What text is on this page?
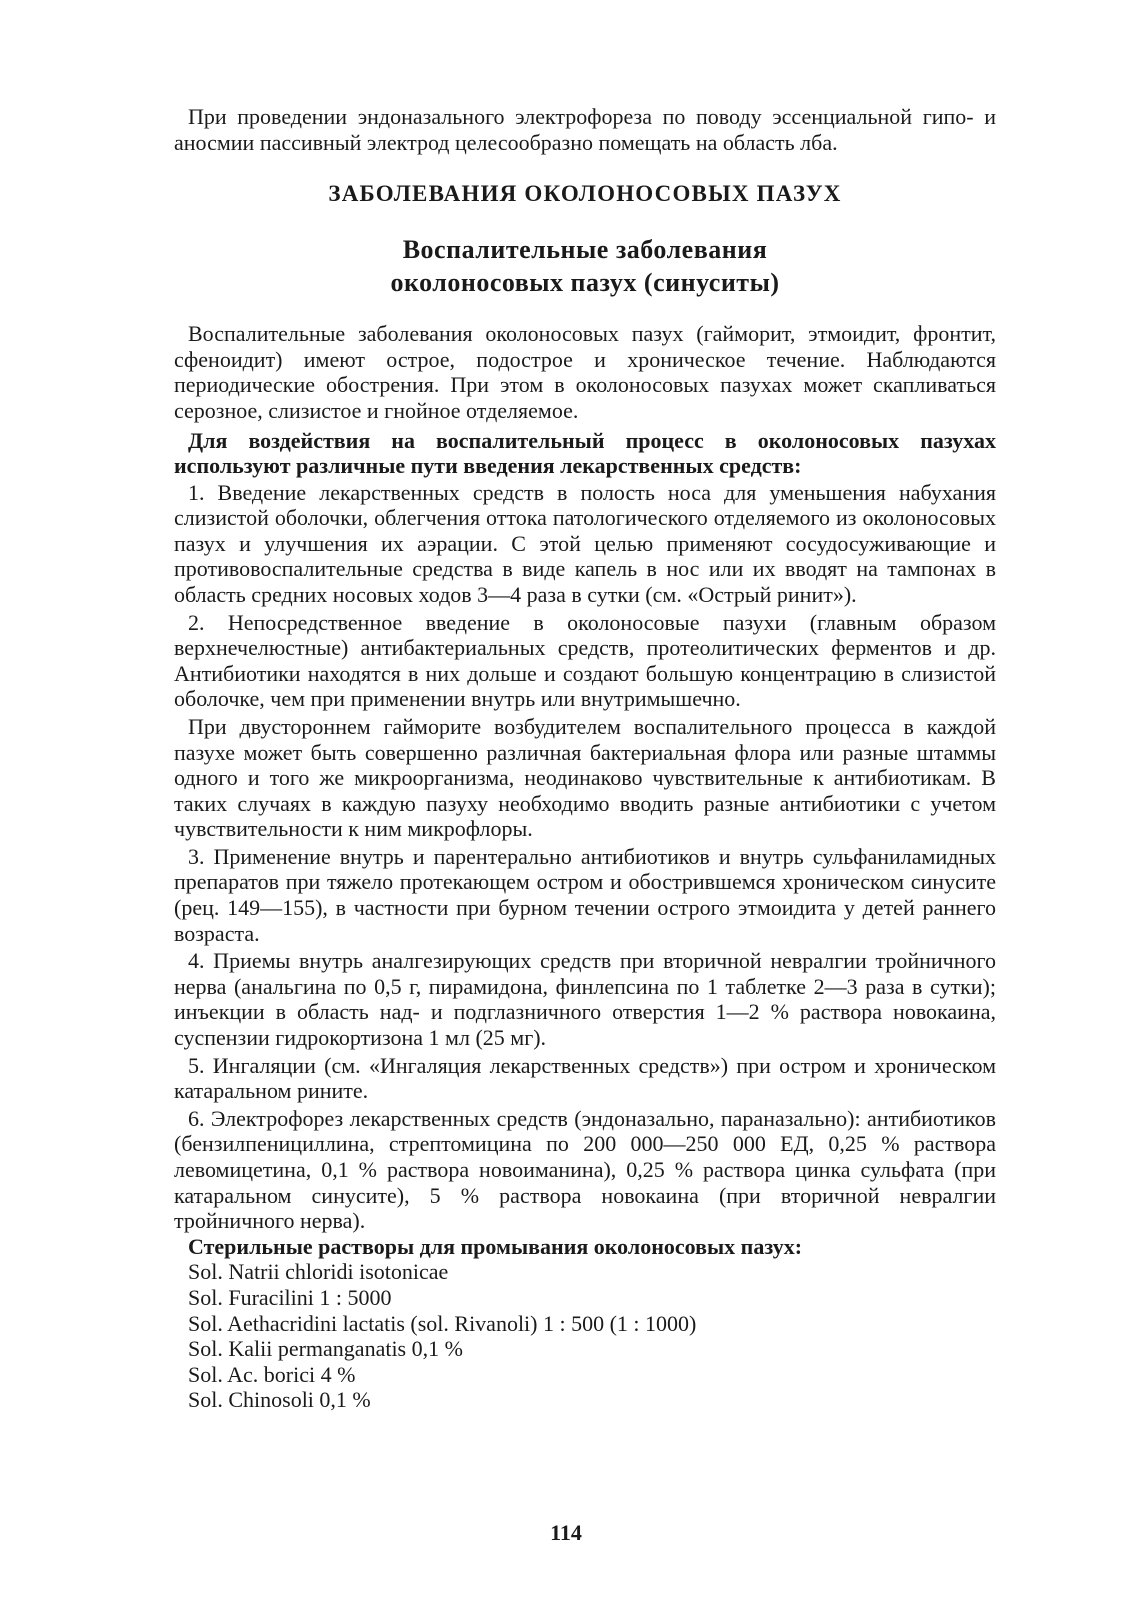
При проведении эндоназального электрофореза по поводу эссенциальной гипо- и аносмии пассивный электрод целесообразно помещать на область лба.

ЗАБОЛЕВАНИЯ ОКОЛОНОСОВЫХ ПАЗУХ
Воспалительные заболевания
околоносовых пазух (синуситы)

Воспалительные заболевания околоносовых пазух (гайморит, этмоидит, фронтит, сфеноидит) имеют острое, подострое и хроническое течение. Наблюдаются периодические обострения. При этом в околоносовых пазухах может скапливаться серозное, слизистое и гнойное отделяемое.

Для воздействия на воспалительный процесс в околоносовых пазухах используют различные пути введения лекарственных средств:

1. Введение лекарственных средств в полость носа для уменьшения набухания слизистой оболочки, облегчения оттока патологического отделяемого из околоносовых пазух и улучшения их аэрации. С этой целью применяют сосудосуживающие и противовоспалительные средства в виде капель в нос или их вводят на тампонах в область средних носовых ходов 3—4 раза в сутки (см. «Острый ринит»).

2. Непосредственное введение в околоносовые пазухи (главным образом верхнечелюстные) антибактериальных средств, протеолитических ферментов и др. Антибиотики находятся в них дольше и создают большую концентрацию в слизистой оболочке, чем при применении внутрь или внутримышечно.

При двустороннем гайморите возбудителем воспалительного процесса в каждой пазухе может быть совершенно различная бактериальная флора или разные штаммы одного и того же микроорганизма, неодинаково чувствительные к антибиотикам. В таких случаях в каждую пазуху необходимо вводить разные антибиотики с учетом чувствительности к ним микрофлоры.

3. Применение внутрь и парентерально антибиотиков и внутрь сульфаниламидных препаратов при тяжело протекающем остром и обострившемся хроническом синусите (рец. 149—155), в частности при бурном течении острого этмоидита у детей раннего возраста.

4. Приемы внутрь аналгезирующих средств при вторичной невралгии тройничного нерва (анальгина по 0,5 г, пирамидона, финлепсина по 1 таблетке 2—3 раза в сутки); инъекции в область над- и подглазничного отверстия 1—2 % раствора новокаина, суспензии гидрокортизона 1 мл (25 мг).

5. Ингаляции (см. «Ингаляция лекарственных средств») при остром и хроническом катаральном рините.

6. Электрофорез лекарственных средств (эндоназально, параназально): антибиотиков (бензилпенициллина, стрептомицина по 200 000—250 000 ЕД, 0,25 % раствора левомицетина, 0,1 % раствора новоиманина), 0,25 % раствора цинка сульфата (при катаральном синусите), 5 % раствора новокаина (при вторичной невралгии тройничного нерва).

Стерильные растворы для промывания околоносовых пазух:

Sol. Natrii chloridi isotonicae

Sol. Furacilini 1 : 5000

Sol. Aethacridini lactatis (sol. Rivanoli) 1 : 500 (1 : 1000)

Sol. Kalii permanganatis 0,1 %

Sol. Ac. borici 4 %

Sol. Chinosoli 0,1 %

114
